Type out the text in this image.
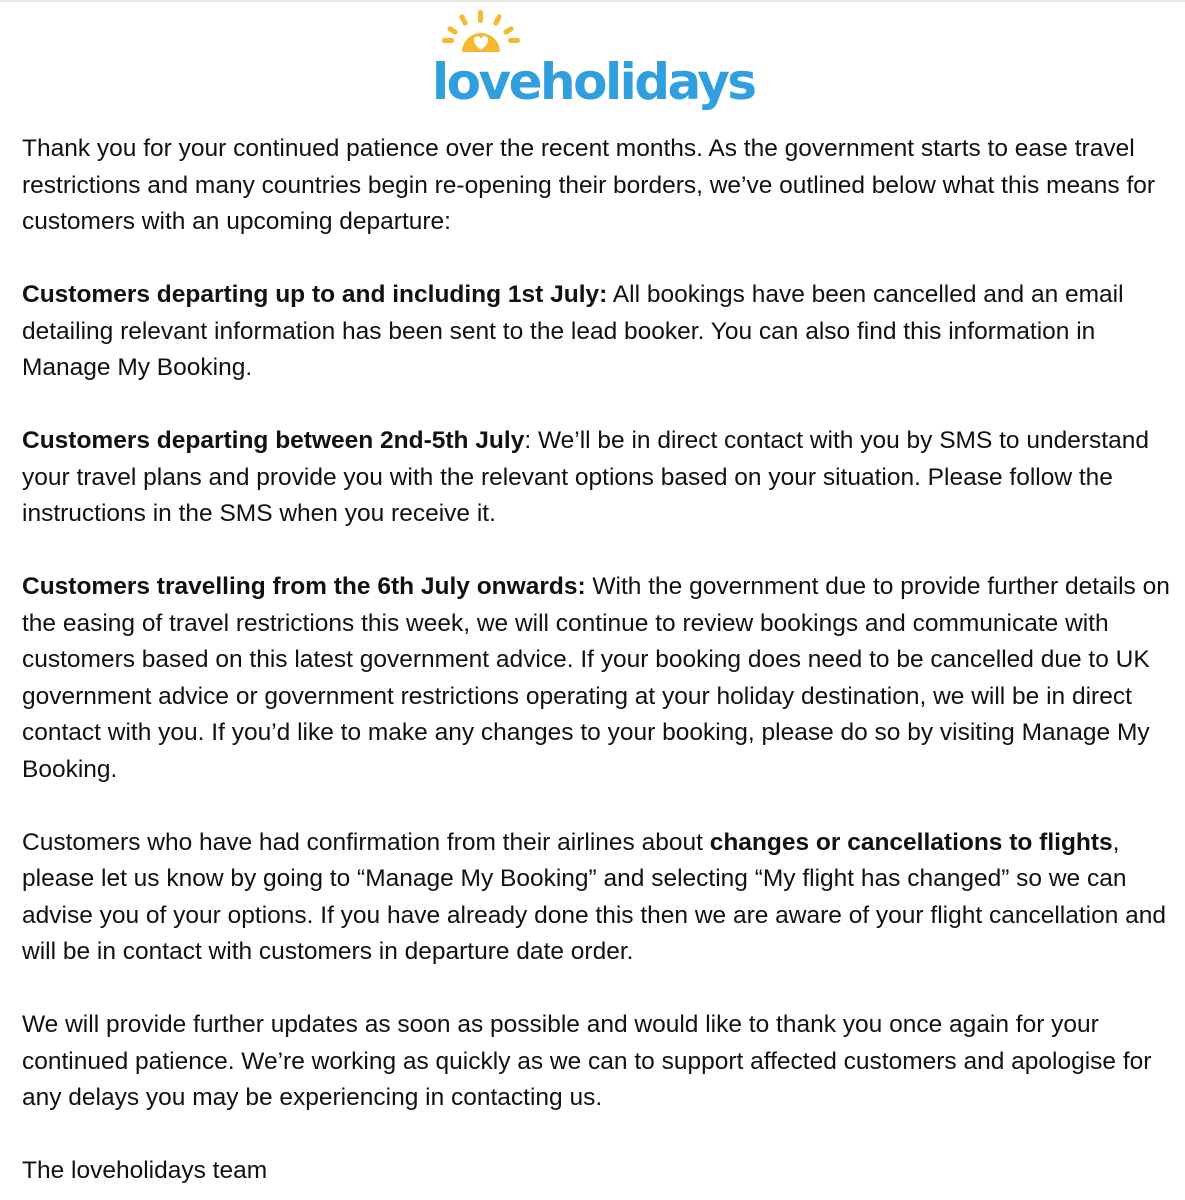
loveholidays

Thank you for your continued patience over the recent months. As the government starts to ease travel restrictions and many countries begin re-opening their borders, we’ve outlined below what this means for customers with an upcoming departure:

Customers departing up to and including 1st July: All bookings have been cancelled and an email detailing relevant information has been sent to the lead booker. You can also find this information in Manage My Booking.

Customers departing between 2nd-5th July: We’ll be in direct contact with you by SMS to understand your travel plans and provide you with the relevant options based on your situation. Please follow the instructions in the SMS when you receive it.

Customers travelling from the 6th July onwards: With the government due to provide further details on the easing of travel restrictions this week, we will continue to review bookings and communicate with customers based on this latest government advice. If your booking does need to be cancelled due to UK government advice or government restrictions operating at your holiday destination, we will be in direct contact with you. If you’d like to make any changes to your booking, please do so by visiting Manage My Booking.

Customers who have had confirmation from their airlines about changes or cancellations to flights, please let us know by going to “Manage My Booking” and selecting “My flight has changed” so we can advise you of your options. If you have already done this then we are aware of your flight cancellation and will be in contact with customers in departure date order.

We will provide further updates as soon as possible and would like to thank you once again for your continued patience. We’re working as quickly as we can to support affected customers and apologise for any delays you may be experiencing in contacting us.

The loveholidays team
